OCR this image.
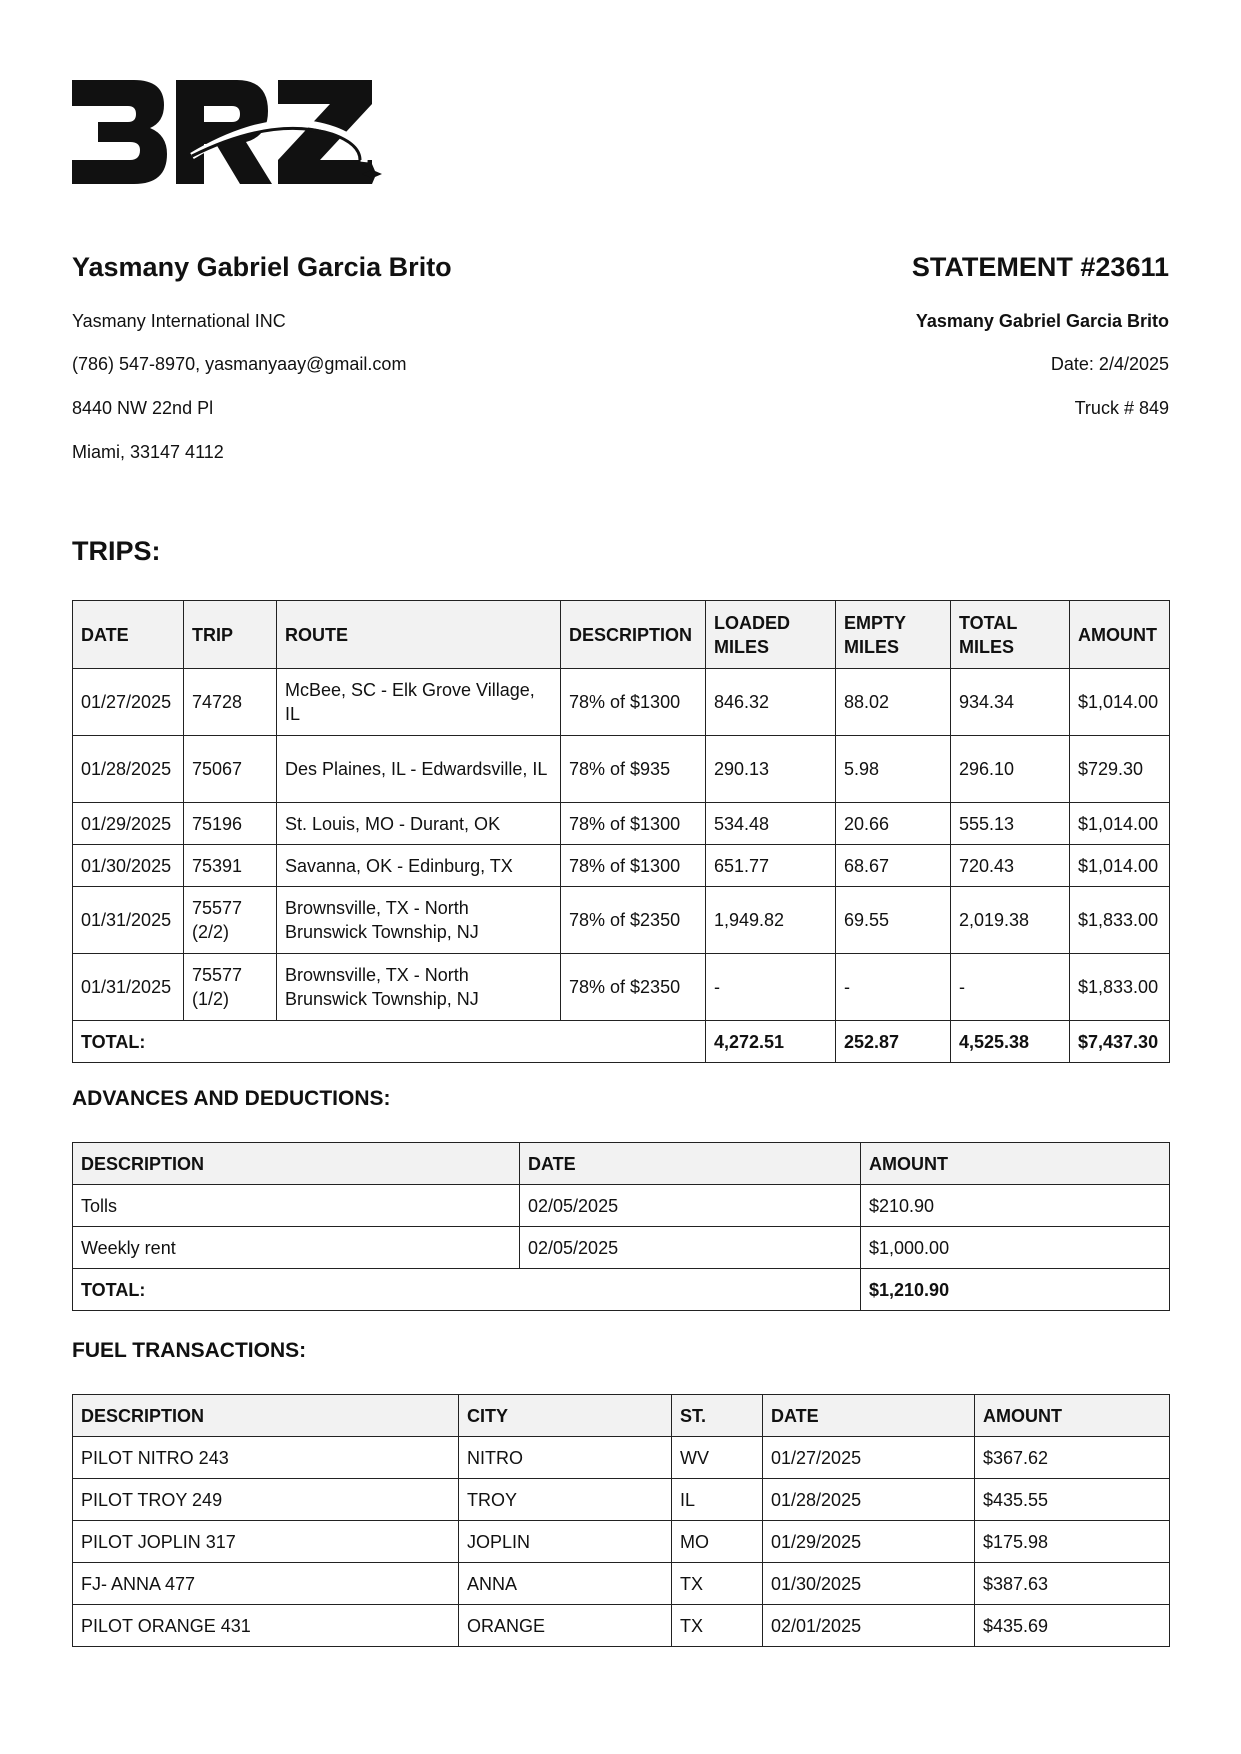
Yasmany Gabriel Garcia Brito

Yasmany International INC

(786) 547-8970, yasmanyaay@gmail.com

8440 NW 22nd Pl

Miami, 33147 4112

STATEMENT #23611

Yasmany Gabriel Garcia Brito

Date: 2/4/2025

Truck # 849

TRIPS:
DATE	TRIP	ROUTE	DESCRIPTION	LOADED MILES	EMPTY MILES	TOTAL MILES	AMOUNT
01/27/2025	74728	McBee, SC - Elk Grove Village, IL	78% of $1300	846.32	88.02	934.34	$1,014.00
01/28/2025	75067	Des Plaines, IL - Edwardsville, IL	78% of $935	290.13	5.98	296.10	$729.30
01/29/2025	75196	St. Louis, MO - Durant, OK	78% of $1300	534.48	20.66	555.13	$1,014.00
01/30/2025	75391	Savanna, OK - Edinburg, TX	78% of $1300	651.77	68.67	720.43	$1,014.00
01/31/2025	75577 (2/2)	Brownsville, TX - North Brunswick Township, NJ	78% of $2350	1,949.82	69.55	2,019.38	$1,833.00
01/31/2025	75577 (1/2)	Brownsville, TX - North Brunswick Township, NJ	78% of $2350	-	-	-	$1,833.00
TOTAL:				4,272.51	252.87	4,525.38	$7,437.30
ADVANCES AND DEDUCTIONS:
DESCRIPTION	DATE	AMOUNT
Tolls	02/05/2025	$210.90
Weekly rent	02/05/2025	$1,000.00
TOTAL:		$1,210.90
FUEL TRANSACTIONS:
DESCRIPTION	CITY	ST.	DATE	AMOUNT
PILOT NITRO 243	NITRO	WV	01/27/2025	$367.62
PILOT TROY 249	TROY	IL	01/28/2025	$435.55
PILOT JOPLIN 317	JOPLIN	MO	01/29/2025	$175.98
FJ- ANNA 477	ANNA	TX	01/30/2025	$387.63
PILOT ORANGE 431	ORANGE	TX	02/01/2025	$435.69
